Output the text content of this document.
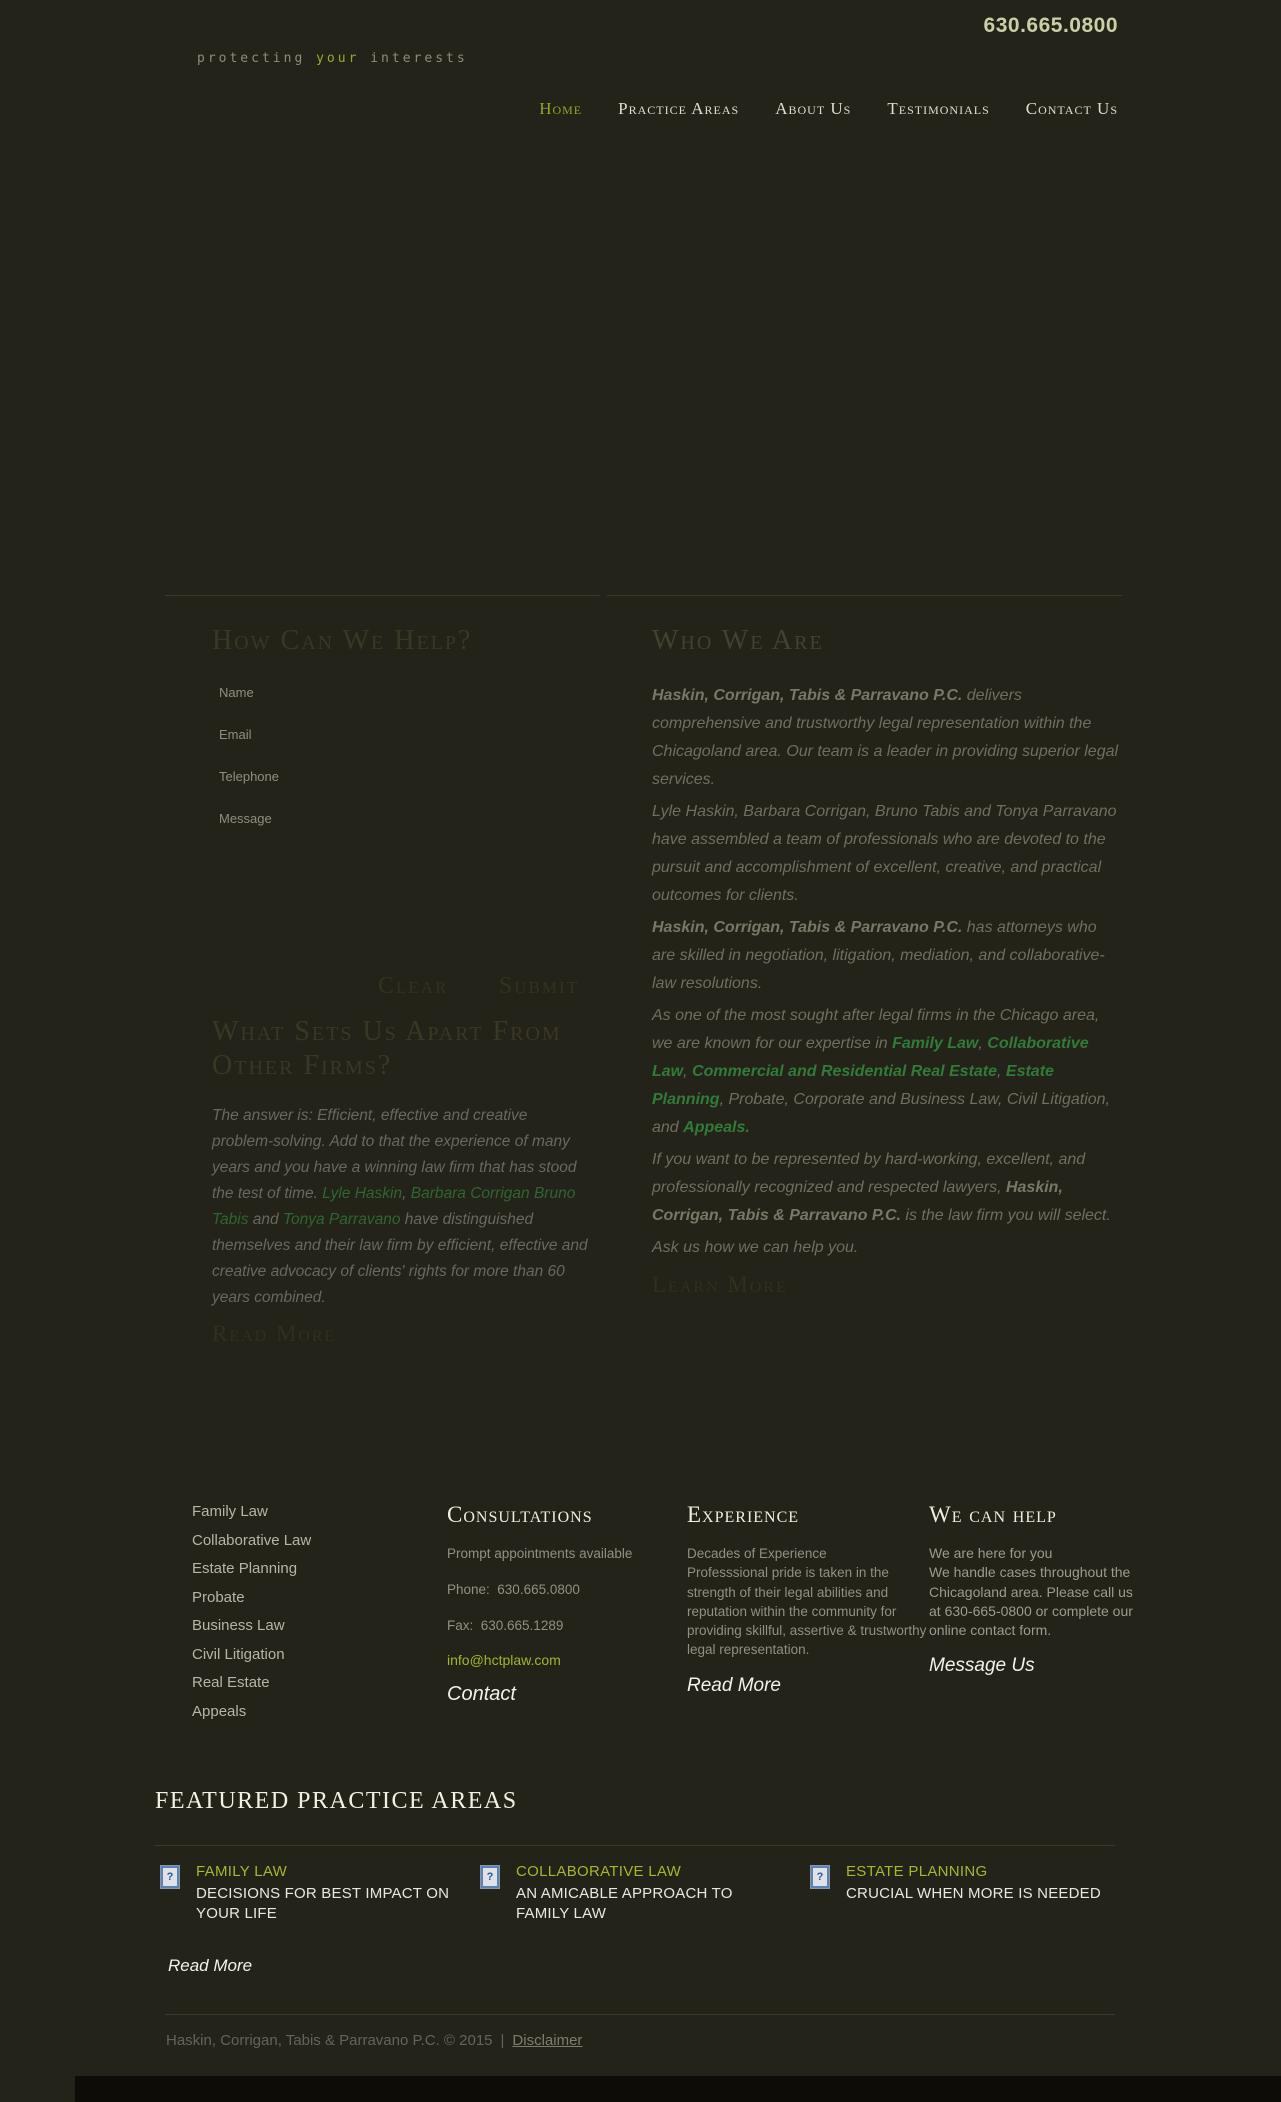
630.665.0800
protecting your interests
Home Practice Areas About Us Testimonials Contact Us
How Can We Help?
Name
Email
Telephone
Message
Clear Submit
What Sets Us Apart From Other Firms?

The answer is: Efficient, effective and creative problem-solving. Add to that the experience of many years and you have a winning law firm that has stood the test of time. Lyle Haskin, Barbara Corrigan Bruno Tabis and Tonya Parravano have distinguished themselves and their law firm by efficient, effective and creative advocacy of clients' rights for more than 60 years combined.

Read More
Who We Are

Haskin, Corrigan, Tabis & Parravano P.C. delivers comprehensive and trustworthy legal representation within the Chicagoland area. Our team is a leader in providing superior legal services.

Lyle Haskin, Barbara Corrigan, Bruno Tabis and Tonya Parravano have assembled a team of professionals who are devoted to the pursuit and accomplishment of excellent, creative, and practical outcomes for clients.

Haskin, Corrigan, Tabis & Parravano P.C. has attorneys who are skilled in negotiation, litigation, mediation, and collaborative-law resolutions.

As one of the most sought after legal firms in the Chicago area, we are known for our expertise in Family Law, Collaborative Law, Commercial and Residential Real Estate, Estate Planning, Probate, Corporate and Business Law, Civil Litigation, and Appeals.

If you want to be represented by hard-working, excellent, and professionally recognized and respected lawyers, Haskin, Corrigan, Tabis & Parravano P.C. is the law firm you will select.

Ask us how we can help you.

Learn More
Family Law
Collaborative Law
Estate Planning
Probate
Business Law
Civil Litigation
Real Estate
Appeals
Consultations
Prompt appointments available
Phone:  630.665.0800
Fax:  630.665.1289
info@hctplaw.com
Contact
Experience
Decades of Experience
Professsional pride is taken in the strength of their legal abilities and reputation within the community for providing skillful, assertive & trustworthy legal representation.
Read More
We can help
We are here for you
We handle cases throughout the Chicagoland area. Please call us at 630-665-0800 or complete our online contact form.
Message Us
FEATURED PRACTICE AREAS
?	FAMILY LAW
DECISIONS FOR BEST IMPACT ON YOUR LIFE
?	COLLABORATIVE LAW
AN AMICABLE APPROACH TO FAMILY LAW
?	ESTATE PLANNING
CRUCIAL WHEN MORE IS NEEDED
Read More
Haskin, Corrigan, Tabis & Parravano P.C. © 2015 | Disclaimer
